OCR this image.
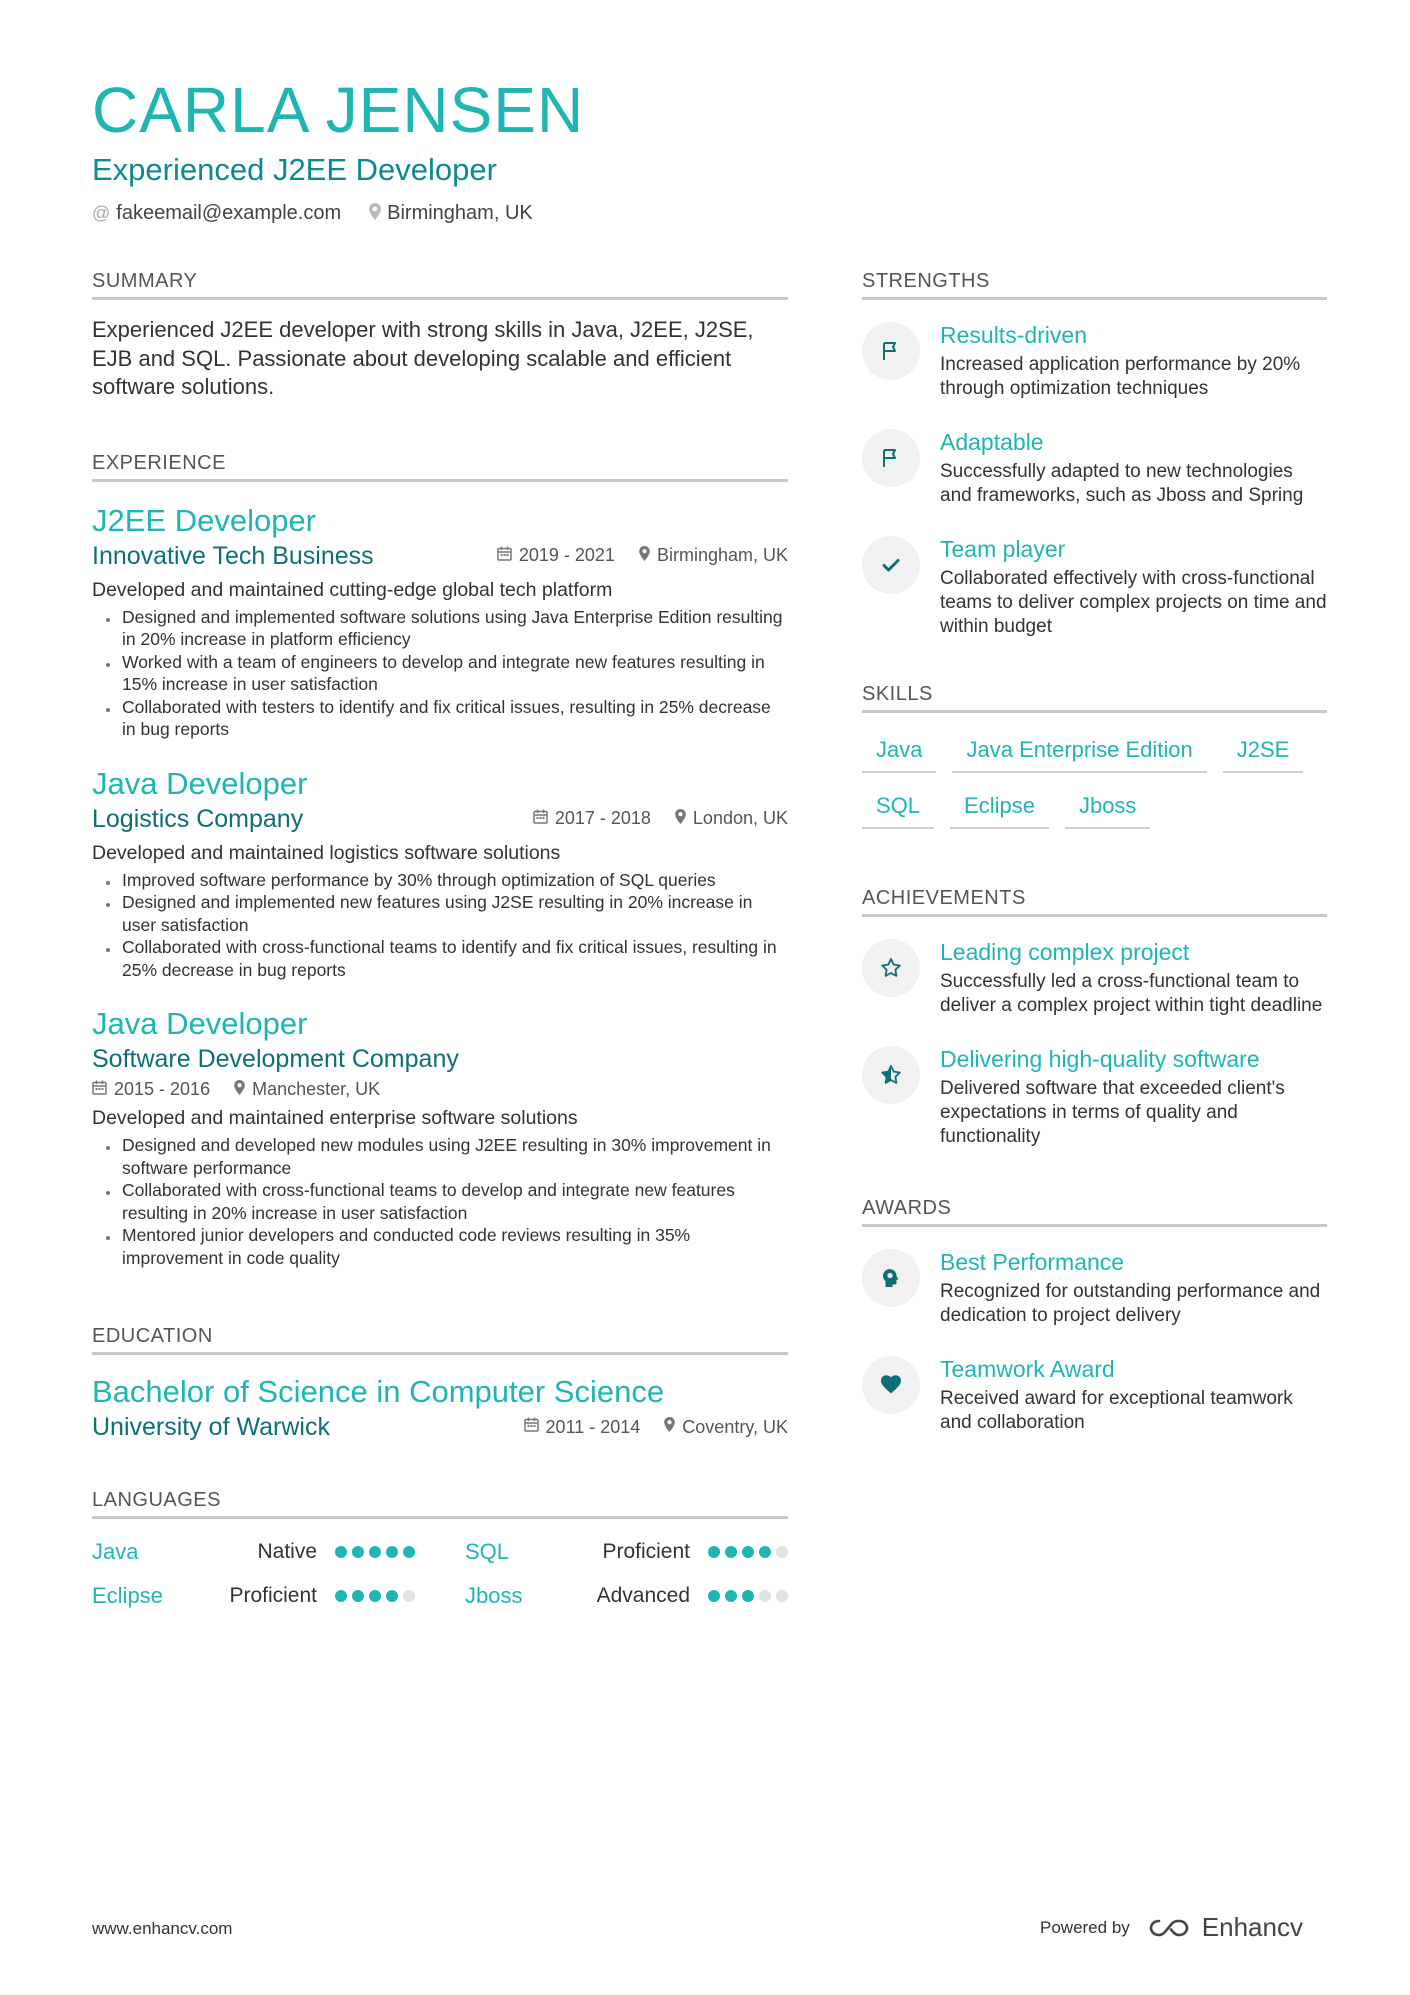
CARLA JENSEN
Experienced J2EE Developer
@ fakeemail@example.com Birmingham, UK
SUMMARY
Experienced J2EE developer with strong skills in Java, J2EE, J2SE, EJB and SQL. Passionate about developing scalable and efficient software solutions.
EXPERIENCE
J2EE Developer
Innovative Tech Business	2019 - 2021 Birmingham, UK
Developed and maintained cutting-edge global tech platform
• Designed and implemented software solutions using Java Enterprise Edition resulting in 20% increase in platform efficiency
• Worked with a team of engineers to develop and integrate new features resulting in 15% increase in user satisfaction
• Collaborated with testers to identify and fix critical issues, resulting in 25% decrease in bug reports
Java Developer
Logistics Company	2017 - 2018 London, UK
Developed and maintained logistics software solutions
• Improved software performance by 30% through optimization of SQL queries
• Designed and implemented new features using J2SE resulting in 20% increase in user satisfaction
• Collaborated with cross-functional teams to identify and fix critical issues, resulting in 25% decrease in bug reports
Java Developer
Software Development Company
2015 - 2016 Manchester, UK
Developed and maintained enterprise software solutions
• Designed and developed new modules using J2EE resulting in 30% improvement in software performance
• Collaborated with cross-functional teams to develop and integrate new features resulting in 20% increase in user satisfaction
• Mentored junior developers and conducted code reviews resulting in 35% improvement in code quality
EDUCATION
Bachelor of Science in Computer Science
University of Warwick	2011 - 2014 Coventry, UK
LANGUAGES
Java	Native	SQL	Proficient
Eclipse	Proficient	Jboss	Advanced
STRENGTHS
Results-driven
Increased application performance by 20% through optimization techniques
Adaptable
Successfully adapted to new technologies and frameworks, such as Jboss and Spring
Team player
Collaborated effectively with cross-functional teams to deliver complex projects on time and within budget
SKILLS
Java	Java Enterprise Edition	J2SE
SQL	Eclipse	Jboss
ACHIEVEMENTS
Leading complex project
Successfully led a cross-functional team to deliver a complex project within tight deadline
Delivering high-quality software
Delivered software that exceeded client's expectations in terms of quality and functionality
AWARDS
Best Performance
Recognized for outstanding performance and dedication to project delivery
Teamwork Award
Received award for exceptional teamwork and collaboration
www.enhancv.com	Powered by	Enhancv
